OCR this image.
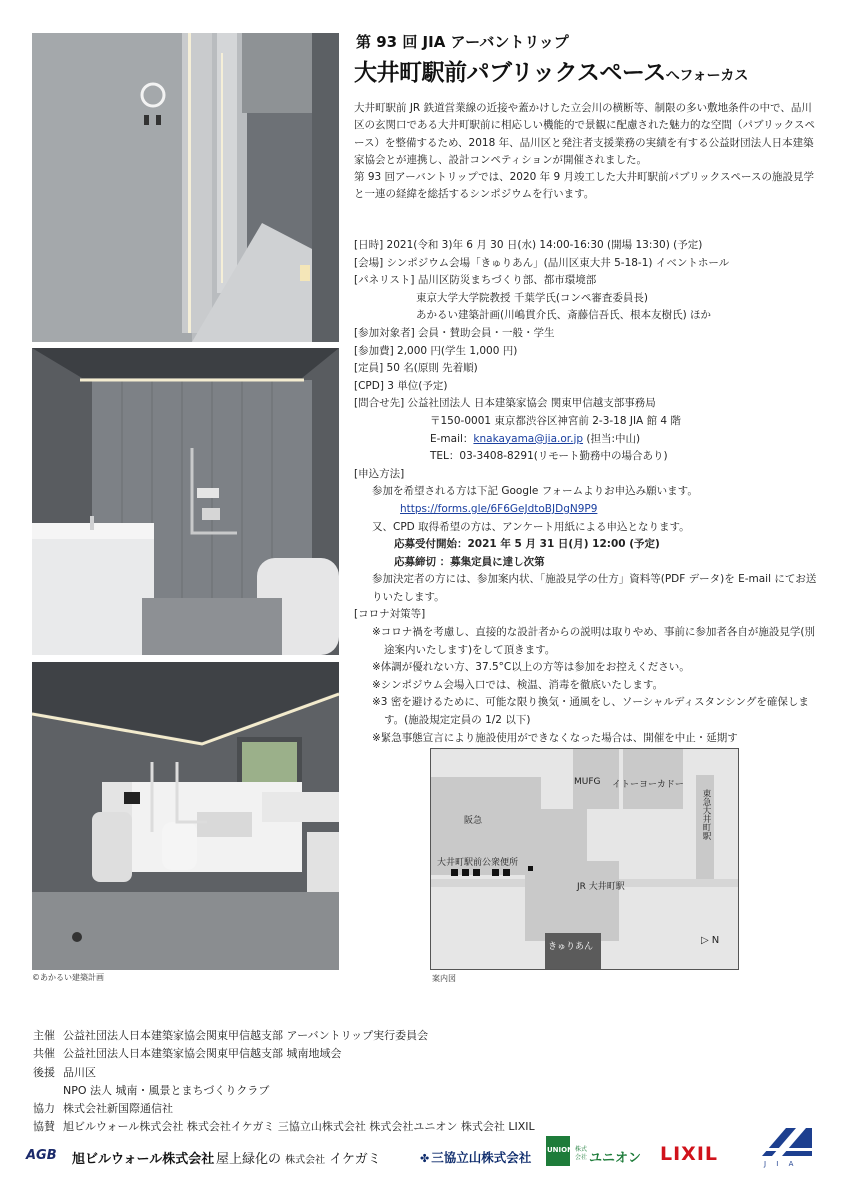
©あかるい建築計画
第 93 回 JIA アーバントリップ
大井町駅前パブリックスペースへフォーカス

大井町駅前 JR 鉄道営業線の近接や蓋かけした立会川の横断等、制限の多い敷地条件の中で、品川区の玄関口である大井町駅前に相応しい機能的で景観に配慮された魅力的な空間（パブリックスペース）を整備するため、2018 年、品川区と発注者支援業務の実績を有する公益財団法人日本建築家協会とが連携し、設計コンペティションが開催されました。

第 93 回アーバントリップでは、2020 年 9 月竣工した大井町駅前パブリックスペースの施設見学と一連の経緯を総括するシンポジウムを行います。

[日時] 2021(令和 3)年 6 月 30 日(水) 14:00-16:30 (開場 13:30) (予定)
[会場] シンポジウム会場「きゅりあん」(品川区東大井 5-18-1) イベントホール
[パネリスト] 品川区防災まちづくり部、都市環境部
東京大学大学院教授 千葉学氏(コンペ審査委員長)
あかるい建築計画(川嶋貫介氏、斎藤信吾氏、根本友樹氏) ほか
[参加対象者] 会員・賛助会員・一般・学生
[参加費] 2,000 円(学生 1,000 円)
[定員] 50 名(原則 先着順)
[CPD] 3 単位(予定)
[問合せ先] 公益社団法人 日本建築家協会 関東甲信越支部事務局
〒150-0001 東京都渋谷区神宮前 2-3-18 JIA 館 4 階
E-mail：knakayama@jia.or.jp (担当:中山)
TEL：03-3408-8291(リモート勤務中の場合あり)
[申込方法]
参加を希望される方は下記 Google フォームよりお申込み願います。
https://forms.gle/6F6GeJdtoBJDgN9P9
又、CPD 取得希望の方は、アンケート用紙による申込となります。
応募受付開始：2021 年 5 月 31 日(月) 12:00 (予定)
応募締切 ：募集定員に達し次第
参加決定者の方には、参加案内状、「施設見学の仕方」資料等(PDF データ)を E-mail にてお送りいたします。
[コロナ対策等]
※コロナ禍を考慮し、直接的な設計者からの説明は取りやめ、事前に参加者各自が施設見学(別途案内いたします)をして頂きます。
※体調が優れない方、37.5°C以上の方等は参加をお控えください。
※シンポジウム会場入口では、検温、消毒を徹底いたします。
※3 密を避けるために、可能な限り換気・通風をし、ソーシャルディスタンシングを確保します。(施設規定定員の 1/2 以下)
※緊急事態宣言により施設使用ができなくなった場合は、開催を中止・延期す
阪急
MUFG イトーヨーカドー
東急大井町駅
大井町駅前公衆便所
JR 大井町駅
きゅりあん
▷ N
案内図
主催 公益社団法人日本建築家協会関東甲信越支部 アーバントリップ実行委員会
共催 公益社団法人日本建築家協会関東甲信越支部 城南地域会
後援 品川区
NPO 法人 城南・風景とまちづくりクラブ
協力 株式会社新国際通信社
協賛 旭ビルウォール株式会社 株式会社イケガミ 三協立山株式会社 株式会社ユニオン 株式会社 LIXIL
AGB 旭ビルウォール株式会社 屋上緑化の 株式会社 イケガミ	✤ 三協立山株式会社 UNION 株式会社 ユニオン LIXIL	J I A
